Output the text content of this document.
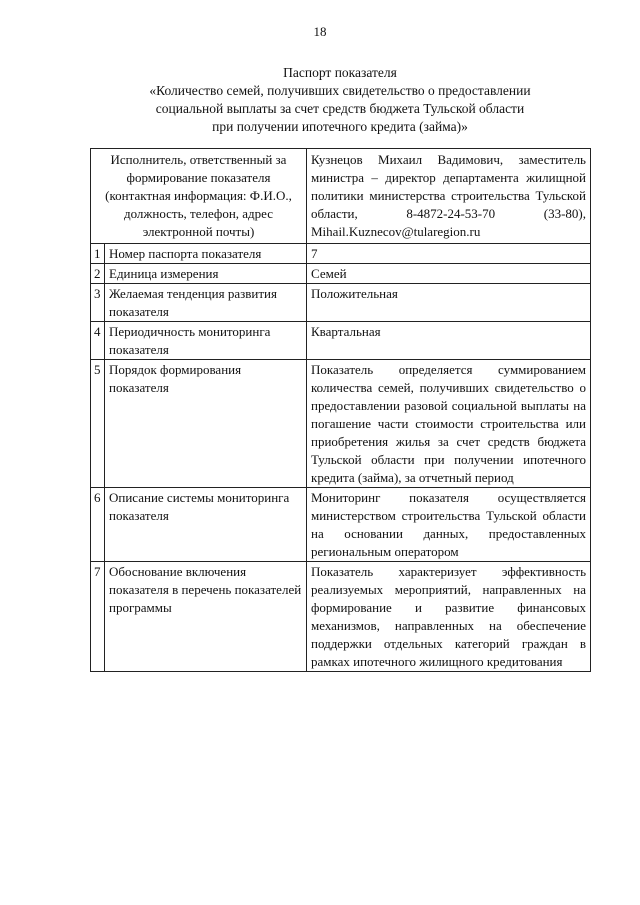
18
Паспорт показателя
«Количество семей, получивших свидетельство о предоставлении
социальной выплаты за счет средств бюджета Тульской области
при получении ипотечного кредита (займа)»
Исполнитель, ответственный за формирование показателя (контактная информация: Ф.И.О., должность, телефон, адрес электронной почты)		Кузнецов Михаил Вадимович, заместитель министра – директор департамента жилищной политики министерства строительства Тульской области, 8-4872-24-53-70 (33-80), Mihail.Kuznecov@tularegion.ru
1	Номер паспорта показателя	7
2	Единица измерения	Семей
3	Желаемая тенденция развития показателя	Положительная
4	Периодичность мониторинга показателя	Квартальная
5	Порядок формирования показателя	Показатель определяется суммированием количества семей, получивших свидетельство о предоставлении разовой социальной выплаты на погашение части стоимости строительства или приобретения жилья за счет средств бюджета Тульской области при получении ипотечного кредита (займа), за отчетный период
6	Описание системы мониторинга показателя	Мониторинг показателя осуществляется министерством строительства Тульской области на основании данных, предоставленных региональным оператором
7	Обоснование включения показателя в перечень показателей программы	Показатель характеризует эффективность реализуемых мероприятий, направленных на формирование и развитие финансовых механизмов, направленных на обеспечение поддержки отдельных категорий граждан в рамках ипотечного жилищного кредитования
